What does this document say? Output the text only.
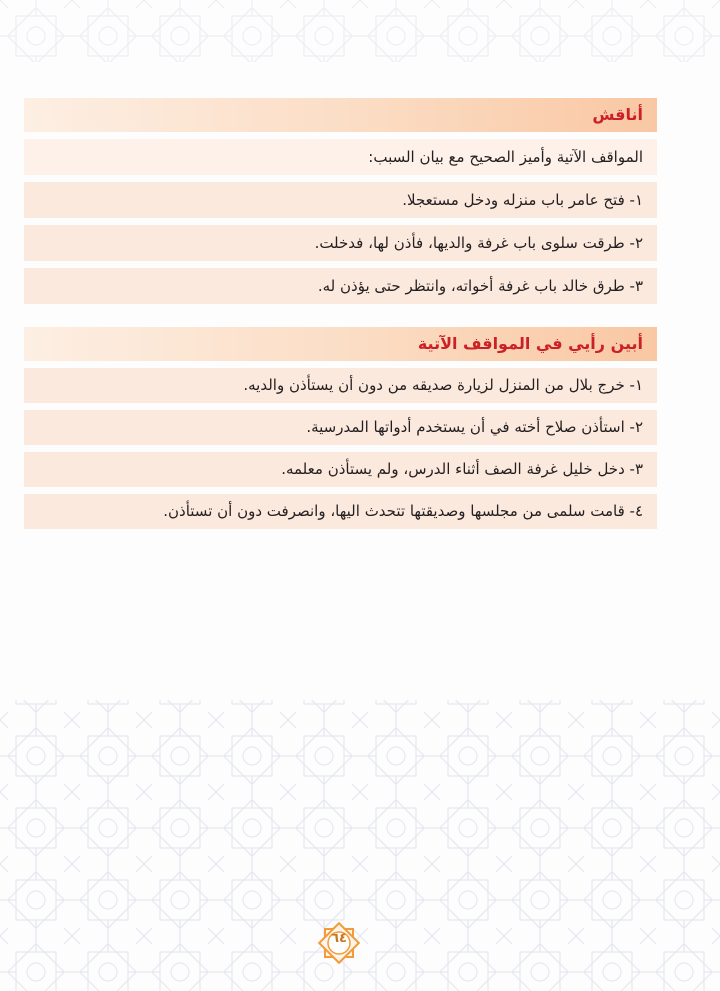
أناقش
المواقف الآتية وأميز الصحيح مع بيان السبب:
١- فتح عامر باب منزله ودخل مستعجلا.
٢- طرقت سلوى باب غرفة والديها، فأذن لها، فدخلت.
٣- طرق خالد باب غرفة أخواته، وانتظر حتى يؤذن له.
أبين رأيي في المواقف الآتية
١- خرج بلال من المنزل لزيارة صديقه من دون أن يستأذن والديه.
٢- استأذن صلاح أخته في أن يستخدم أدواتها المدرسية.
٣- دخل خليل غرفة الصف أثناء الدرس، ولم يستأذن معلمه.
٤- قامت سلمى من مجلسها وصديقتها تتحدث اليها، وانصرفت دون أن تستأذن.
٦٤
